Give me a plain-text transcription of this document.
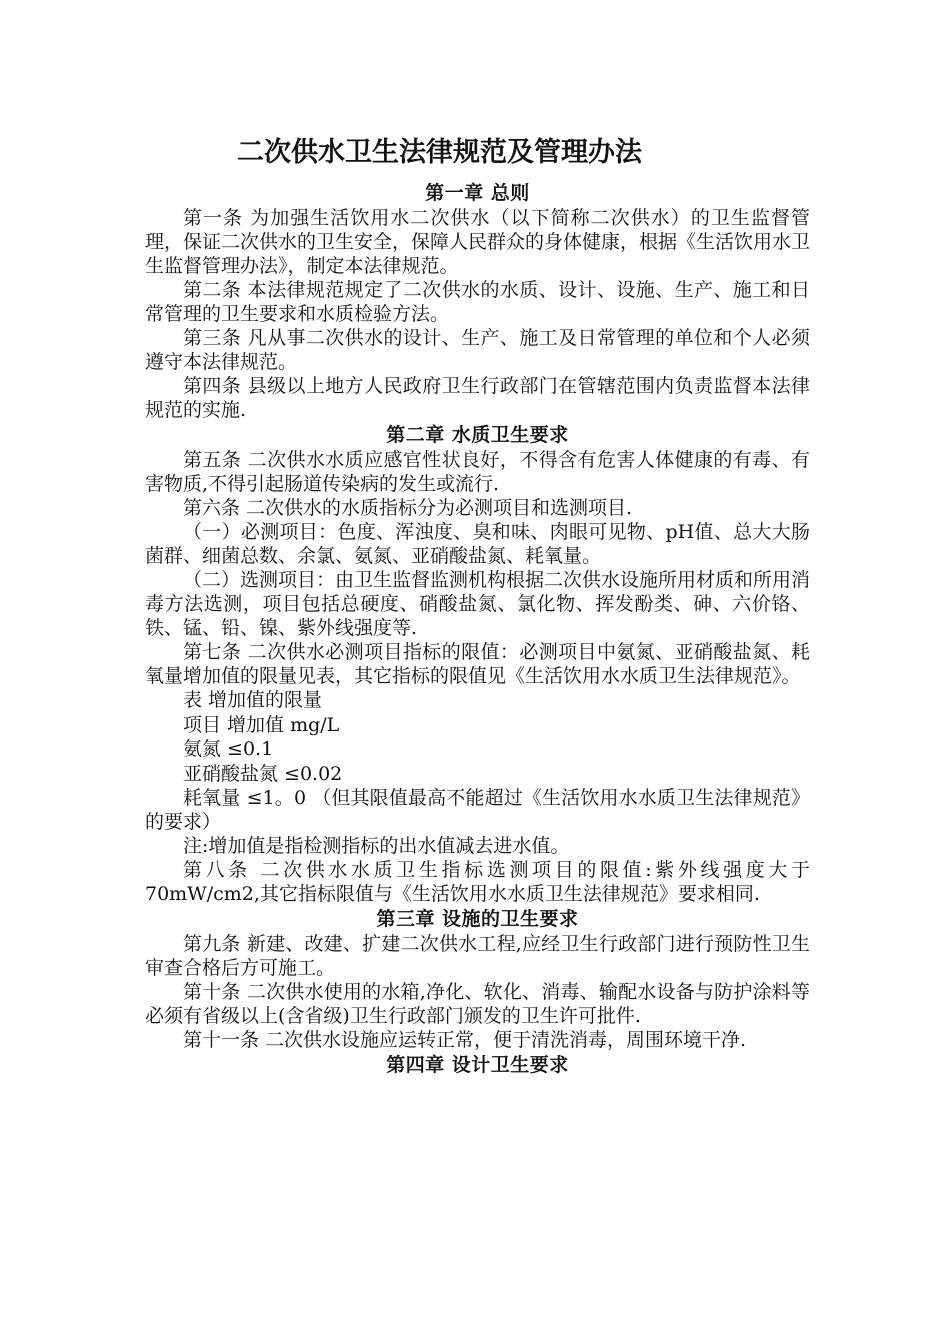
二次供水卫生法律规范及管理办法
第一章 总则

第一条 为加强生活饮用水二次供水（以下简称二次供水）的卫生监督管理，保证二次供水的卫生安全，保障人民群众的身体健康，根据《生活饮用水卫生监督管理办法》，制定本法律规范。

第二条 本法律规范规定了二次供水的水质、设计、设施、生产、施工和日常管理的卫生要求和水质检验方法。

第三条 凡从事二次供水的设计、生产、施工及日常管理的单位和个人必须遵守本法律规范。

第四条 县级以上地方人民政府卫生行政部门在管辖范围内负责监督本法律规范的实施.

第二章 水质卫生要求

第五条 二次供水水质应感官性状良好，不得含有危害人体健康的有毒、有害物质,不得引起肠道传染病的发生或流行.

第六条 二次供水的水质指标分为必测项目和选测项目.

（一）必测项目：色度、浑浊度、臭和味、肉眼可见物、pH值、总大大肠菌群、细菌总数、余氯、氨氮、亚硝酸盐氮、耗氧量。

（二）选测项目：由卫生监督监测机构根据二次供水设施所用材质和所用消毒方法选测，项目包括总硬度、硝酸盐氮、氯化物、挥发酚类、砷、六价铬、铁、锰、铅、镍、紫外线强度等.

第七条 二次供水必测项目指标的限值：必测项目中氨氮、亚硝酸盐氮、耗氧量增加值的限量见表，其它指标的限值见《生活饮用水水质卫生法律规范》。

表 增加值的限量

项目 增加值 mg/L

氨氮 ≤0.1

亚硝酸盐氮 ≤0.02

耗氧量 ≤1。0 （但其限值最高不能超过《生活饮用水水质卫生法律规范》的要求）

注:增加值是指检测指标的出水值减去进水值。

第八条 二次供水水质卫生指标选测项目的限值:紫外线强度大于70mW/cm2,其它指标限值与《生活饮用水水质卫生法律规范》要求相同.

第三章 设施的卫生要求

第九条 新建、改建、扩建二次供水工程,应经卫生行政部门进行预防性卫生审查合格后方可施工。

第十条 二次供水使用的水箱,净化、软化、消毒、输配水设备与防护涂料等必须有省级以上(含省级)卫生行政部门颁发的卫生许可批件.

第十一条 二次供水设施应运转正常，便于清洗消毒，周围环境干净.

第四章 设计卫生要求
